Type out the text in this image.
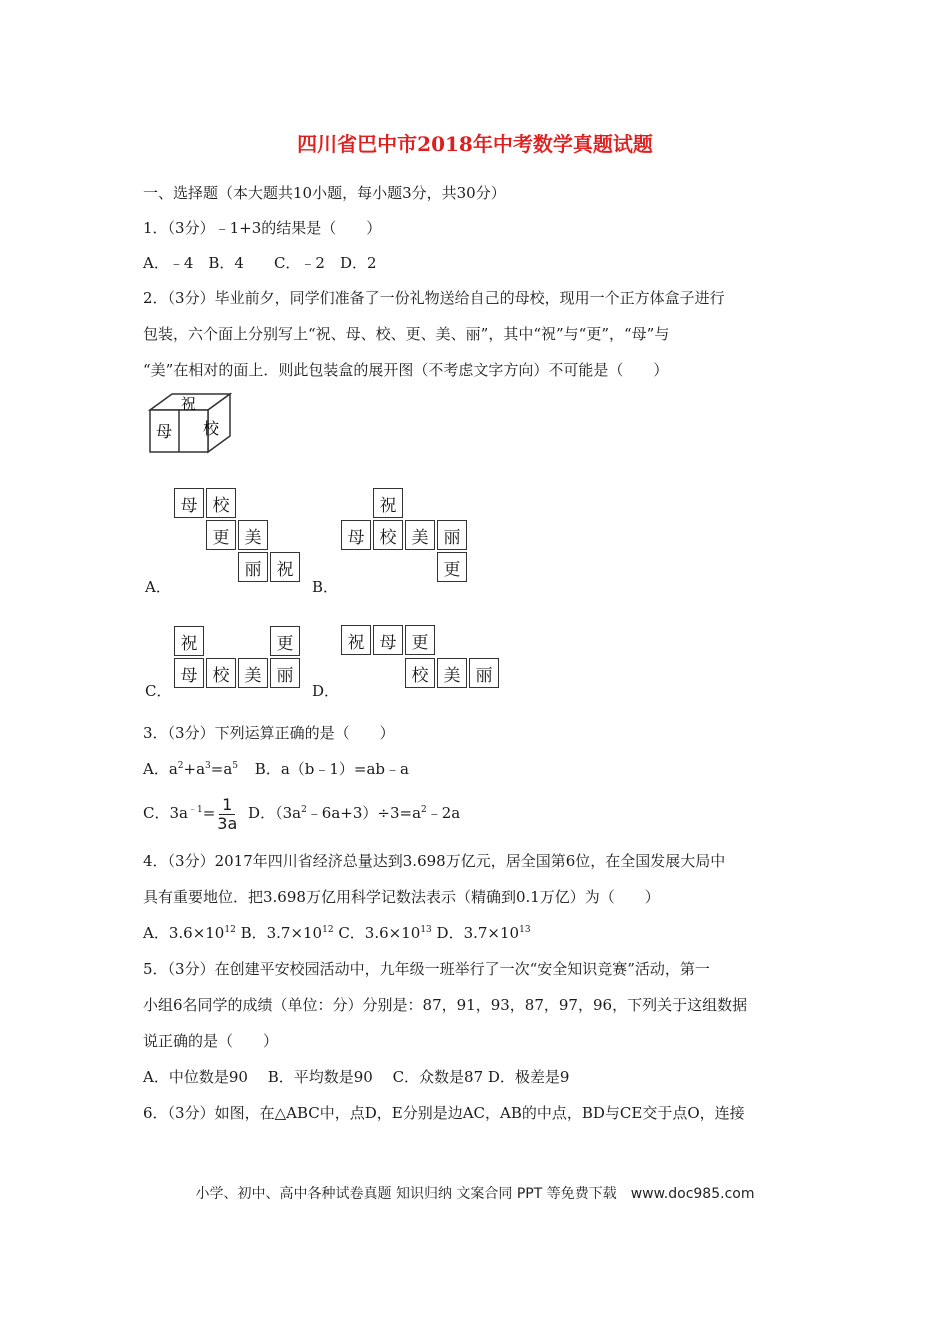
四川省巴中市2018年中考数学真题试题
一、选择题（本大题共10小题，每小题3分，共30分）
1．（3分）﹣1+3的结果是（　　）
A．﹣4　B．4　　C．﹣2　D．2
2．（3分）毕业前夕，同学们准备了一份礼物送给自己的母校，现用一个正方体盒子进行
包装，六个面上分别写上“祝、母、校、更、美、丽”，其中“祝”与“更”，“母”与
“美”在相对的面上．则此包装盒的展开图（不考虑文字方向）不可能是（　　）
祝
母 校
母 校
更 美
丽 祝
A．
祝
母 校 美 丽
更
B．
祝	更
母 校 美 丽
C．
祝 母 更
校 美 丽
D．
3．（3分）下列运算正确的是（　　）
A．$a^2+a^3=a^5$ B．a（b﹣1）=ab﹣a
C．$3a^{﹣1}= \frac{1}{3a}$ D．$(3a^2﹣6a+3)\div 3=a^2﹣2a$
4．（3分）2017年四川省经济总量达到3.698万亿元，居全国第6位，在全国发展大局中
具有重要地位．把3.698万亿用科学记数法表示（精确到0.1万亿）为（　　）
A．$3.6\times 10^{12}$ B．$3.7\times 10^{12}$ C．$3.6\times 10^{13}$ D．$3.7\times 10^{13}$
5．（3分）在创建平安校园活动中，九年级一班举行了一次“安全知识竞赛”活动，第一
小组6名同学的成绩（单位：分）分别是：87，91，93，87，97，96，下列关于这组数据
说正确的是（　　）
A．中位数是90　 B．平均数是90　 C．众数是87 D．极差是9
6．（3分）如图，在△ABC中，点D，E分别是边AC，AB的中点，BD与CE交于点O，连接
小学、初中、高中各种试卷真题 知识归纳 文案合同 PPT 等免费下载　www.doc985.com
